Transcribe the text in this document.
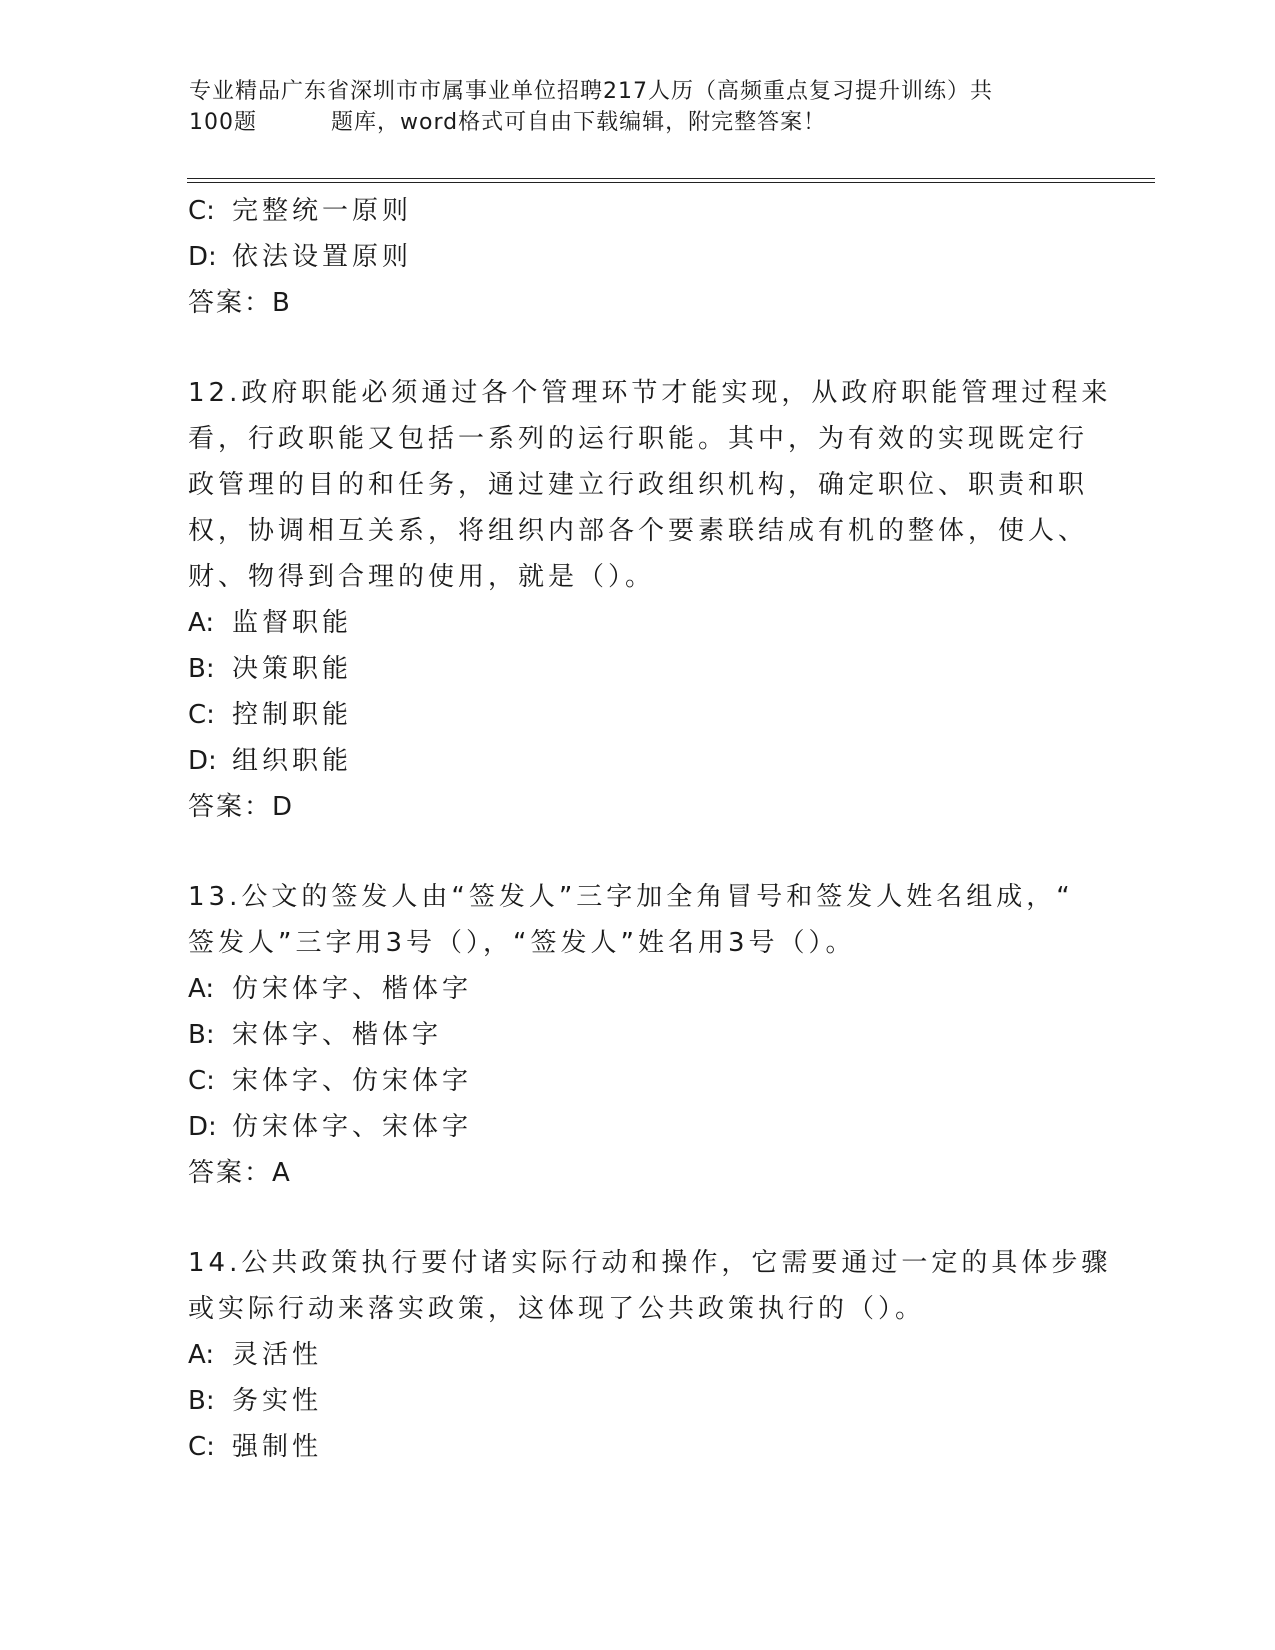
专业精品广东省深圳市市属事业单位招聘217人历（高频重点复习提升训练）共
100题	题库，word格式可自由下载编辑，附完整答案！
C: 完整统一原则
D: 依法设置原则
答案：B
12.政府职能必须通过各个管理环节才能实现，从政府职能管理过程来
看，行政职能又包括一系列的运行职能。其中，为有效的实现既定行
政管理的目的和任务，通过建立行政组织机构，确定职位、职责和职
权，协调相互关系，将组织内部各个要素联结成有机的整体，使人、
财、物得到合理的使用，就是（）。
A: 监督职能
B: 决策职能
C: 控制职能
D: 组织职能
答案：D
13.公文的签发人由“签发人”三字加全角冒号和签发人姓名组成，“
签发人”三字用3号（），“签发人”姓名用3号（）。
A: 仿宋体字、楷体字
B: 宋体字、楷体字
C: 宋体字、仿宋体字
D: 仿宋体字、宋体字
答案：A
14.公共政策执行要付诸实际行动和操作，它需要通过一定的具体步骤
或实际行动来落实政策，这体现了公共政策执行的（）。
A: 灵活性
B: 务实性
C: 强制性
